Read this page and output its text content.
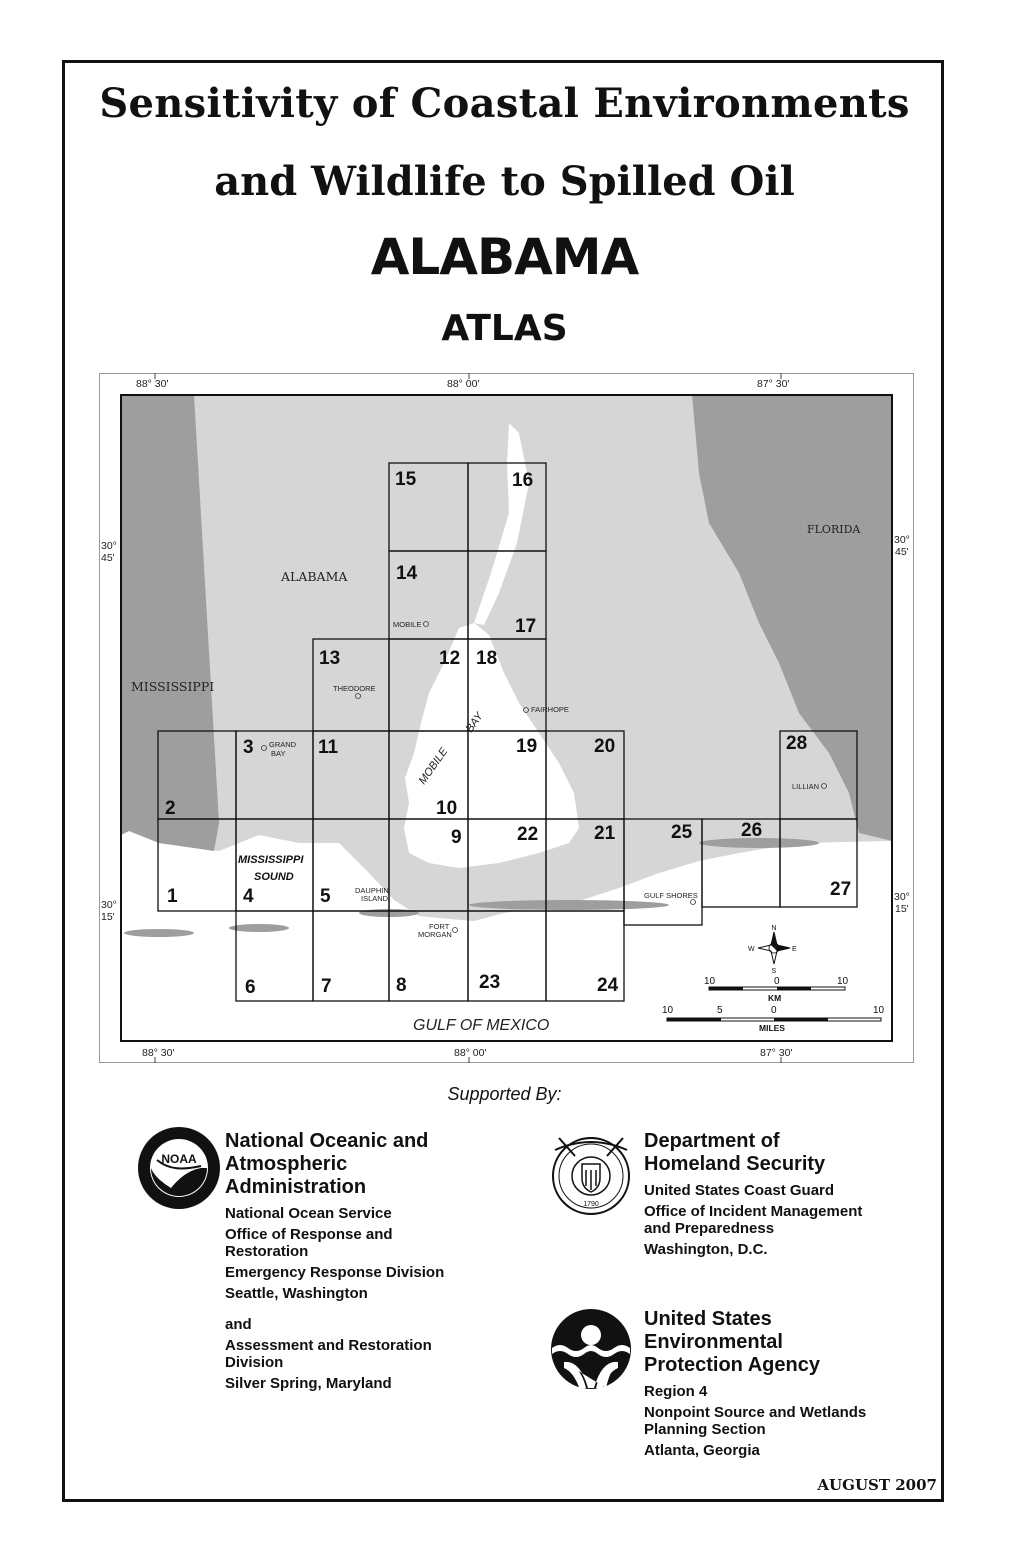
Sensitivity of Coastal Environments
and Wildlife to Spilled Oil
ALABAMA
ATLAS
1
2
3
4	5
6	7	8
9
10
11
12
13
14
15	16
17
18
19	20
21
22
23	24
25	26
27
28
ALABAMA
MISSISSIPPI
FLORIDA
GULF OF MEXICO
MISSISSIPPI
SOUND
MOBILE
BAY
MOBILE
THEODORE
FAIRHOPE
GRAND
BAY
DAUPHIN
ISLAND
FORT
MORGAN
GULF SHORES
LILLIAN
N
S
E
W
10	0	10
KM
10	5	0	10
MILES
88° 30'	88° 00'	87° 30'
88° 30'	88° 00'	87° 30'
30°
45'
30°
15'
30°
45'
30°
15'
Supported By:
NOAA
National Oceanic and
Atmospheric
Administration
National Ocean Service
Office of Response and
Restoration
Emergency Response Division
Seattle, Washington
and
Assessment and Restoration
Division
Silver Spring, Maryland
1790
Department of
Homeland Security
United States Coast Guard
Office of Incident Management
and Preparedness
Washington, D.C.
United States
Environmental
Protection Agency
Region 4
Nonpoint Source and Wetlands
Planning Section
Atlanta, Georgia
AUGUST 2007
